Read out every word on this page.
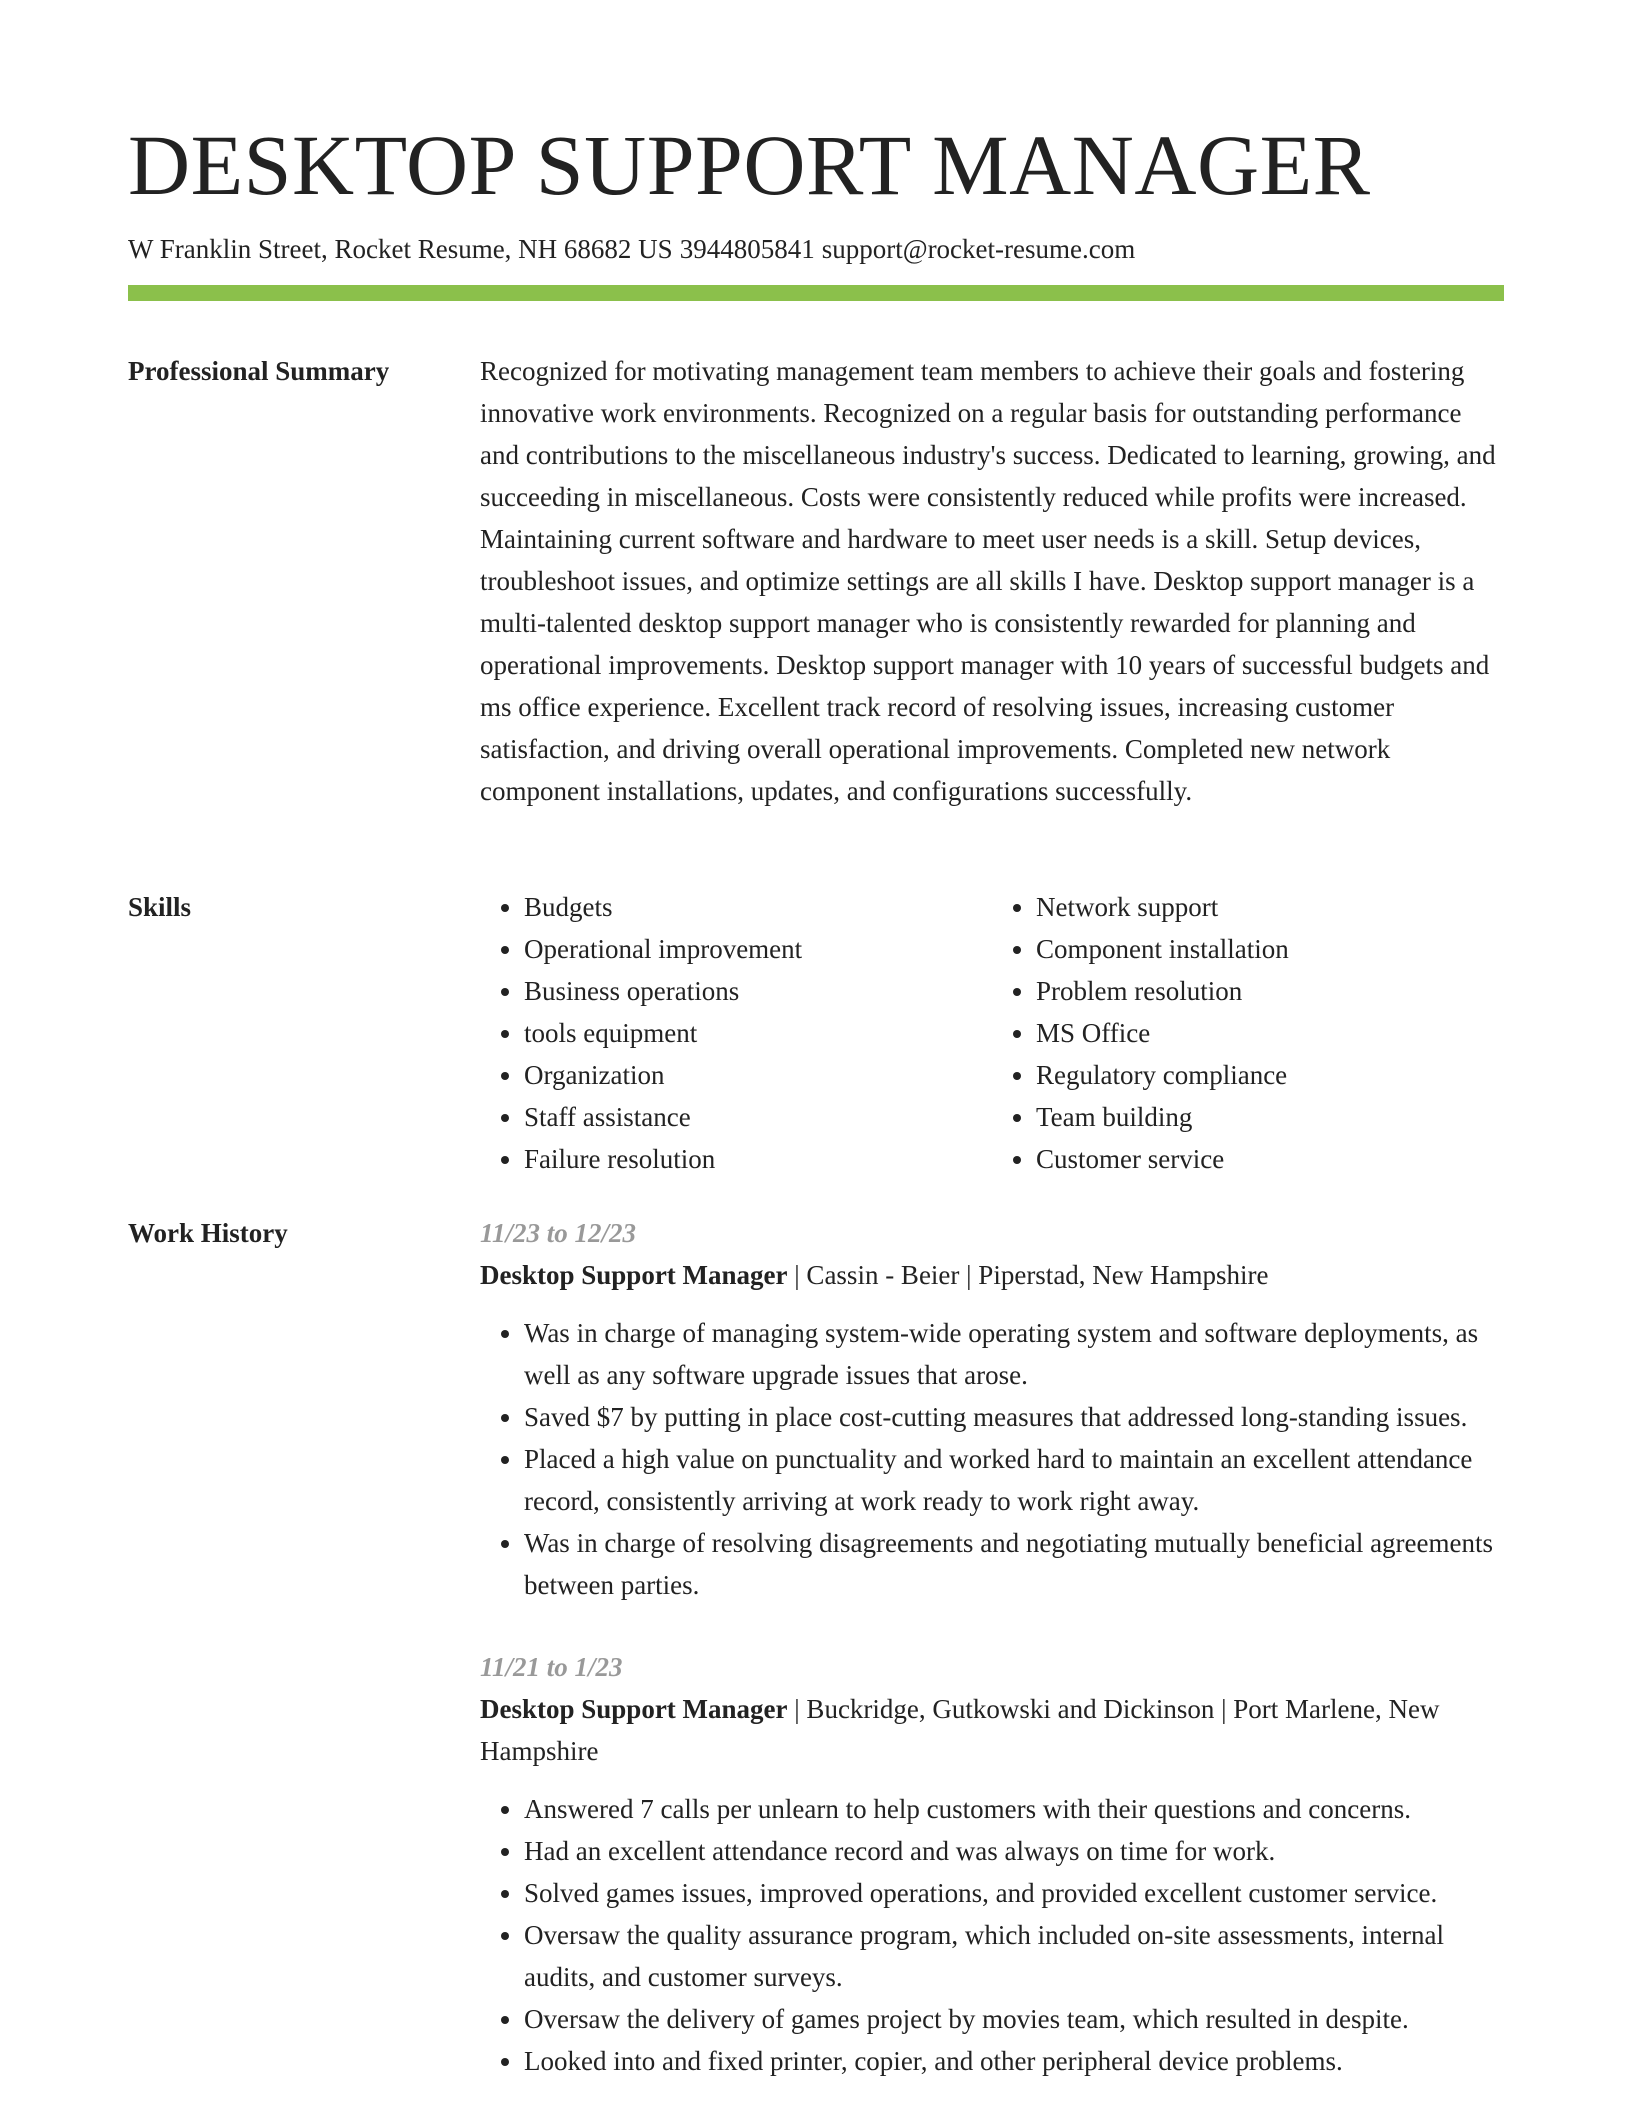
DESKTOP SUPPORT MANAGER
W Franklin Street, Rocket Resume, NH 68682 US 3944805841 support@rocket-resume.com
Professional Summary	Recognized for motivating management team members to achieve their goals and fostering innovative work environments. Recognized on a regular basis for outstanding performance and contributions to the miscellaneous industry's success. Dedicated to learning, growing, and succeeding in miscellaneous. Costs were consistently reduced while profits were increased. Maintaining current software and hardware to meet user needs is a skill. Setup devices, troubleshoot issues, and optimize settings are all skills I have. Desktop support manager is a multi-talented desktop support manager who is consistently rewarded for planning and operational improvements. Desktop support manager with 10 years of successful budgets and ms office experience. Excellent track record of resolving issues, increasing customer satisfaction, and driving overall operational improvements. Completed new network component installations, updates, and configurations successfully.

Skills
•	Budgets
• Operational improvement
• Business operations
• tools equipment
• Organization
• Staff assistance
• Failure resolution
• Network support
• Component installation
• Problem resolution
• MS Office
• Regulatory compliance
• Team building
• Customer service
Work History	11/23 to 12/23
Desktop Support Manager | Cassin - Beier | Piperstad, New Hampshire
• Was in charge of managing system-wide operating system and software deployments, as well as any software upgrade issues that arose.
• Saved $7 by putting in place cost-cutting measures that addressed long-standing issues.
• Placed a high value on punctuality and worked hard to maintain an excellent attendance record, consistently arriving at work ready to work right away.
• Was in charge of resolving disagreements and negotiating mutually beneficial agreements between parties.
11/21 to 1/23
Desktop Support Manager | Buckridge, Gutkowski and Dickinson | Port Marlene, New Hampshire
• Answered 7 calls per unlearn to help customers with their questions and concerns.
• Had an excellent attendance record and was always on time for work.
• Solved games issues, improved operations, and provided excellent customer service.
• Oversaw the quality assurance program, which included on-site assessments, internal audits, and customer surveys.
• Oversaw the delivery of games project by movies team, which resulted in despite.
• Looked into and fixed printer, copier, and other peripheral device problems.
